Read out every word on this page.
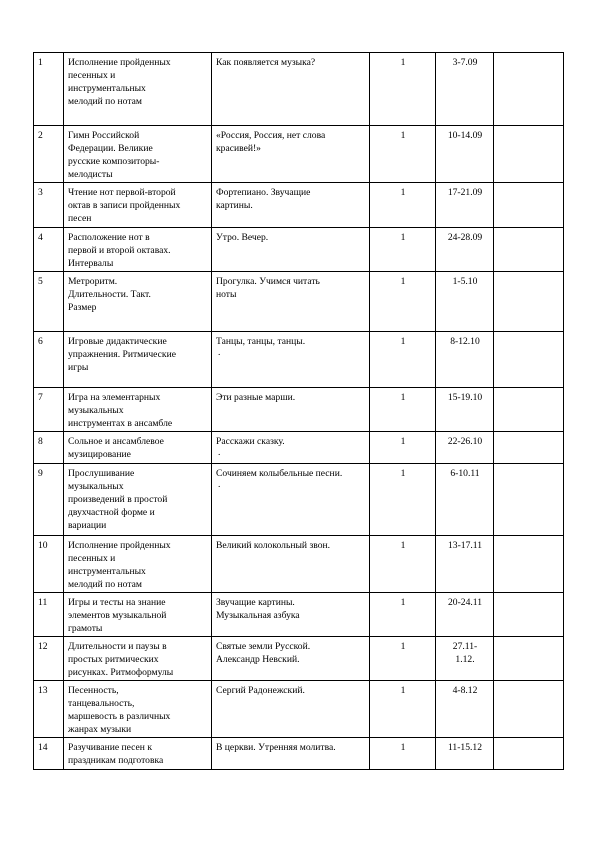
1	Исполнение пройденных
песенных и
инструментальных
мелодий по нотам	Как появляется музыка?	1	3-7.09	
2	Гимн Российской
Федерации. Великие
русские композиторы-
мелодисты	«Россия, Россия, нет слова
красивей!»	1	10-14.09	
3	Чтение нот первой-второй
октав в записи пройденных
песен	Фортепиано. Звучащие
картины.	1	17-21.09	
4	Расположение нот в
первой и второй октавах.
Интервалы	Утро. Вечер.	1	24-28.09	
5	Метроритм.
Длительности. Такт.
Размер	Прогулка. Учимся читать
ноты	1	1-5.10	
6	Игровые дидактические
упражнения. Ритмические
игры	Танцы, танцы, танцы.
.	1	8-12.10	
7	Игра на элементарных
музыкальных
инструментах в ансамбле	Эти разные марши.	1	15-19.10	
8	Сольное и ансамблевое
музицирование	Расскажи сказку.
.	1	22-26.10	
9	Прослушивание
музыкальных
произведений в простой
двухчастной форме и
вариации	Сочиняем колыбельные песни.
.	1	6-10.11	
10	Исполнение пройденных
песенных и
инструментальных
мелодий по нотам	Великий колокольный звон.	1	13-17.11	
11	Игры и тесты на знание
элементов музыкальной
грамоты	Звучащие картины.
Музыкальная азбука	1	20-24.11	
12	Длительности и паузы в
простых ритмических
рисунках. Ритмоформулы	Святые земли Русской.
Александр Невский.	1	27.11-
1.12.	
13	Песенность,
танцевальность,
маршевость в различных
жанрах музыки	Сергий Радонежский.	1	4-8.12	
14	Разучивание песен к
праздникам подготовка	В церкви. Утренняя молитва.	1	11-15.12	
